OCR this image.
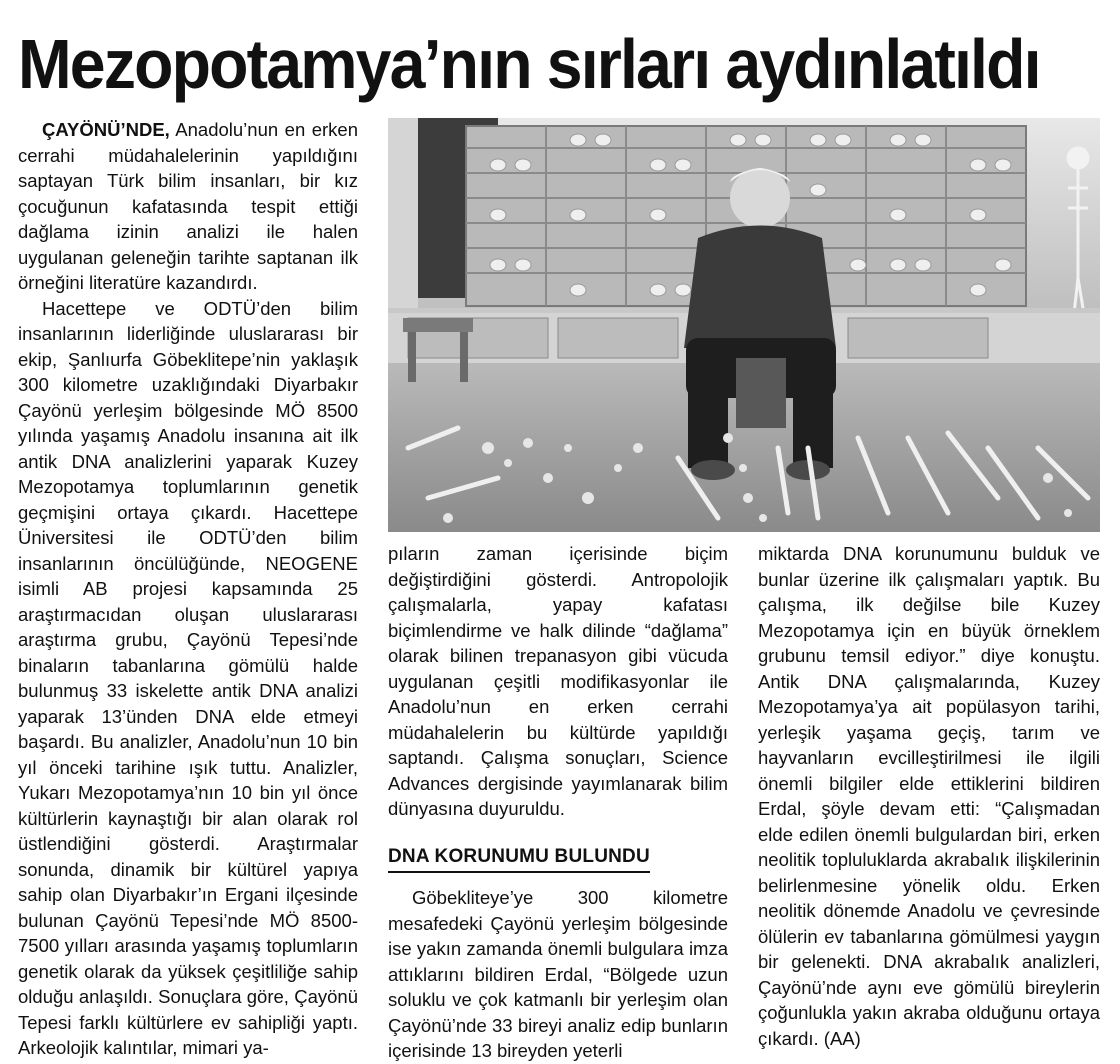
Mezopotamya’nın sırları aydınlatıldı

ÇAYÖNÜ’NDE, Anadolu’nun en erken cerrahi müdahalelerinin yapıldığını saptayan Türk bilim insanları, bir kız çocuğunun kafatasında tespit ettiği dağlama izinin analizi ile halen uygulanan geleneğin tarihte saptanan ilk örneğini literatüre kazandırdı.

Hacettepe ve ODTÜ’den bilim insanlarının liderliğinde uluslararası bir ekip, Şanlıurfa Göbeklitepe’nin yaklaşık 300 kilometre uzaklığındaki Diyarbakır Çayönü yerleşim bölgesinde MÖ 8500 yılında yaşamış Anadolu insanına ait ilk antik DNA analizlerini yaparak Kuzey Mezopotamya toplumlarının genetik geçmişini ortaya çıkardı. Hacettepe Üniversitesi ile ODTÜ’den bilim insanlarının öncülüğünde, NEOGENE isimli AB projesi kapsamında 25 araştırmacıdan oluşan uluslararası araştırma grubu, Çayönü Tepesi’nde binaların tabanlarına gömülü halde bulunmuş 33 iskelette antik DNA analizi yaparak 13’ünden DNA elde etmeyi başardı. Bu analizler, Anadolu’nun 10 bin yıl önceki tarihine ışık tuttu. Analizler, Yukarı Mezopotamya’nın 10 bin yıl önce kültürlerin kaynaştığı bir alan olarak rol üstlendiğini gösterdi. Araştırmalar sonunda, dinamik bir kültürel yapıya sahip olan Diyarbakır’ın Ergani ilçesinde bulunan Çayönü Tepesi’nde MÖ 8500-7500 yılları arasında yaşamış toplumların genetik olarak da yüksek çeşitliliğe sahip olduğu anlaşıldı. Sonuçlara göre, Çayönü Tepesi farklı kültürlere ev sahipliği yaptı. Arkeolojik kalıntılar, mimari ya-

pıların zaman içerisinde biçim değiştirdiğini gösterdi. Antropolojik çalışmalarla, yapay kafatası biçimlendirme ve halk dilinde “dağlama” olarak bilinen trepanasyon gibi vücuda uygulanan çeşitli modifikasyonlar ile Anadolu’nun en erken cerrahi müdahalelerin bu kültürde yapıldığı saptandı. Çalışma sonuçları, Science Advances dergisinde yayımlanarak bilim dünyasına duyuruldu.

DNA KORUNUMU BULUNDU

Göbekliteye’ye 300 kilometre mesafedeki Çayönü yerleşim bölgesinde ise yakın zamanda önemli bulgulara imza attıklarını bildiren Erdal, “Bölgede uzun soluklu ve çok katmanlı bir yerleşim olan Çayönü’nde 33 bireyi analiz edip bunların içerisinde 13 bireyden yeterli

miktarda DNA korunumunu bulduk ve bunlar üzerine ilk çalışmaları yaptık. Bu çalışma, ilk değilse bile Kuzey Mezopotamya için en büyük örneklem grubunu temsil ediyor.” diye konuştu. Antik DNA çalışmalarında, Kuzey Mezopotamya’ya ait popülasyon tarihi, yerleşik yaşama geçiş, tarım ve hayvanların evcilleştirilmesi ile ilgili önemli bilgiler elde ettiklerini bildiren Erdal, şöyle devam etti: “Çalışmadan elde edilen önemli bulgulardan biri, erken neolitik topluluklarda akrabalık ilişkilerinin belirlenmesine yönelik oldu. Erken neolitik dönemde Anadolu ve çevresinde ölülerin ev tabanlarına gömülmesi yaygın bir gelenekti. DNA akrabalık analizleri, Çayönü’nde aynı eve gömülü bireylerin çoğunlukla yakın akraba olduğunu ortaya çıkardı. (AA)
